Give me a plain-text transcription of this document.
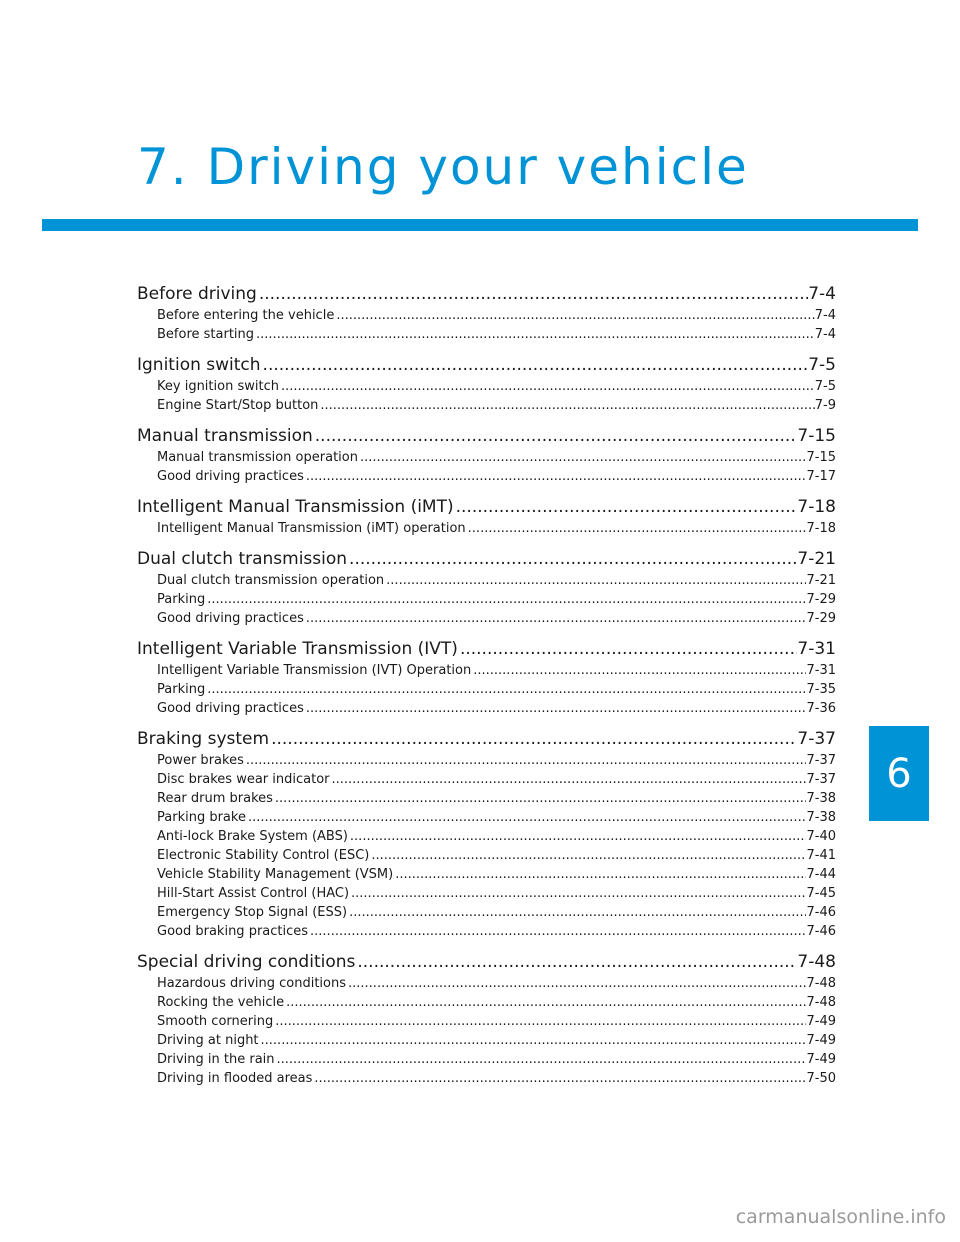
7. Driving your vehicle
Before driving .....	7-4
Before entering the vehicle .....	7-4
Before starting .....	7-4
Ignition switch .....	7-5
Key ignition switch .....	7-5
Engine Start/Stop button .....	7-9
Manual transmission .....	7-15
Manual transmission operation .....	7-15
Good driving practices .....	7-17
Intelligent Manual Transmission (iMT) .....	7-18
Intelligent Manual Transmission (iMT) operation .....	7-18
Dual clutch transmission .....	7-21
Dual clutch transmission operation .....	7-21
Parking .....	7-29
Good driving practices .....	7-29
Intelligent Variable Transmission (IVT) .....	7-31
Intelligent Variable Transmission (IVT) Operation .....	7-31
Parking .....	7-35
Good driving practices .....	7-36
Braking system .....	7-37
Power brakes .....	7-37
Disc brakes wear indicator .....	7-37
Rear drum brakes .....	7-38
Parking brake .....	7-38
Anti-lock Brake System (ABS) .....	7-40
Electronic Stability Control (ESC) .....	7-41
Vehicle Stability Management (VSM) .....	7-44
Hill-Start Assist Control (HAC) .....	7-45
Emergency Stop Signal (ESS) .....	7-46
Good braking practices .....	7-46
Special driving conditions .....	7-48
Hazardous driving conditions .....	7-48
Rocking the vehicle .....	7-48
Smooth cornering .....	7-49
Driving at night .....	7-49
Driving in the rain .....	7-49
Driving in flooded areas .....	7-50
6
carmanualsonline.info
